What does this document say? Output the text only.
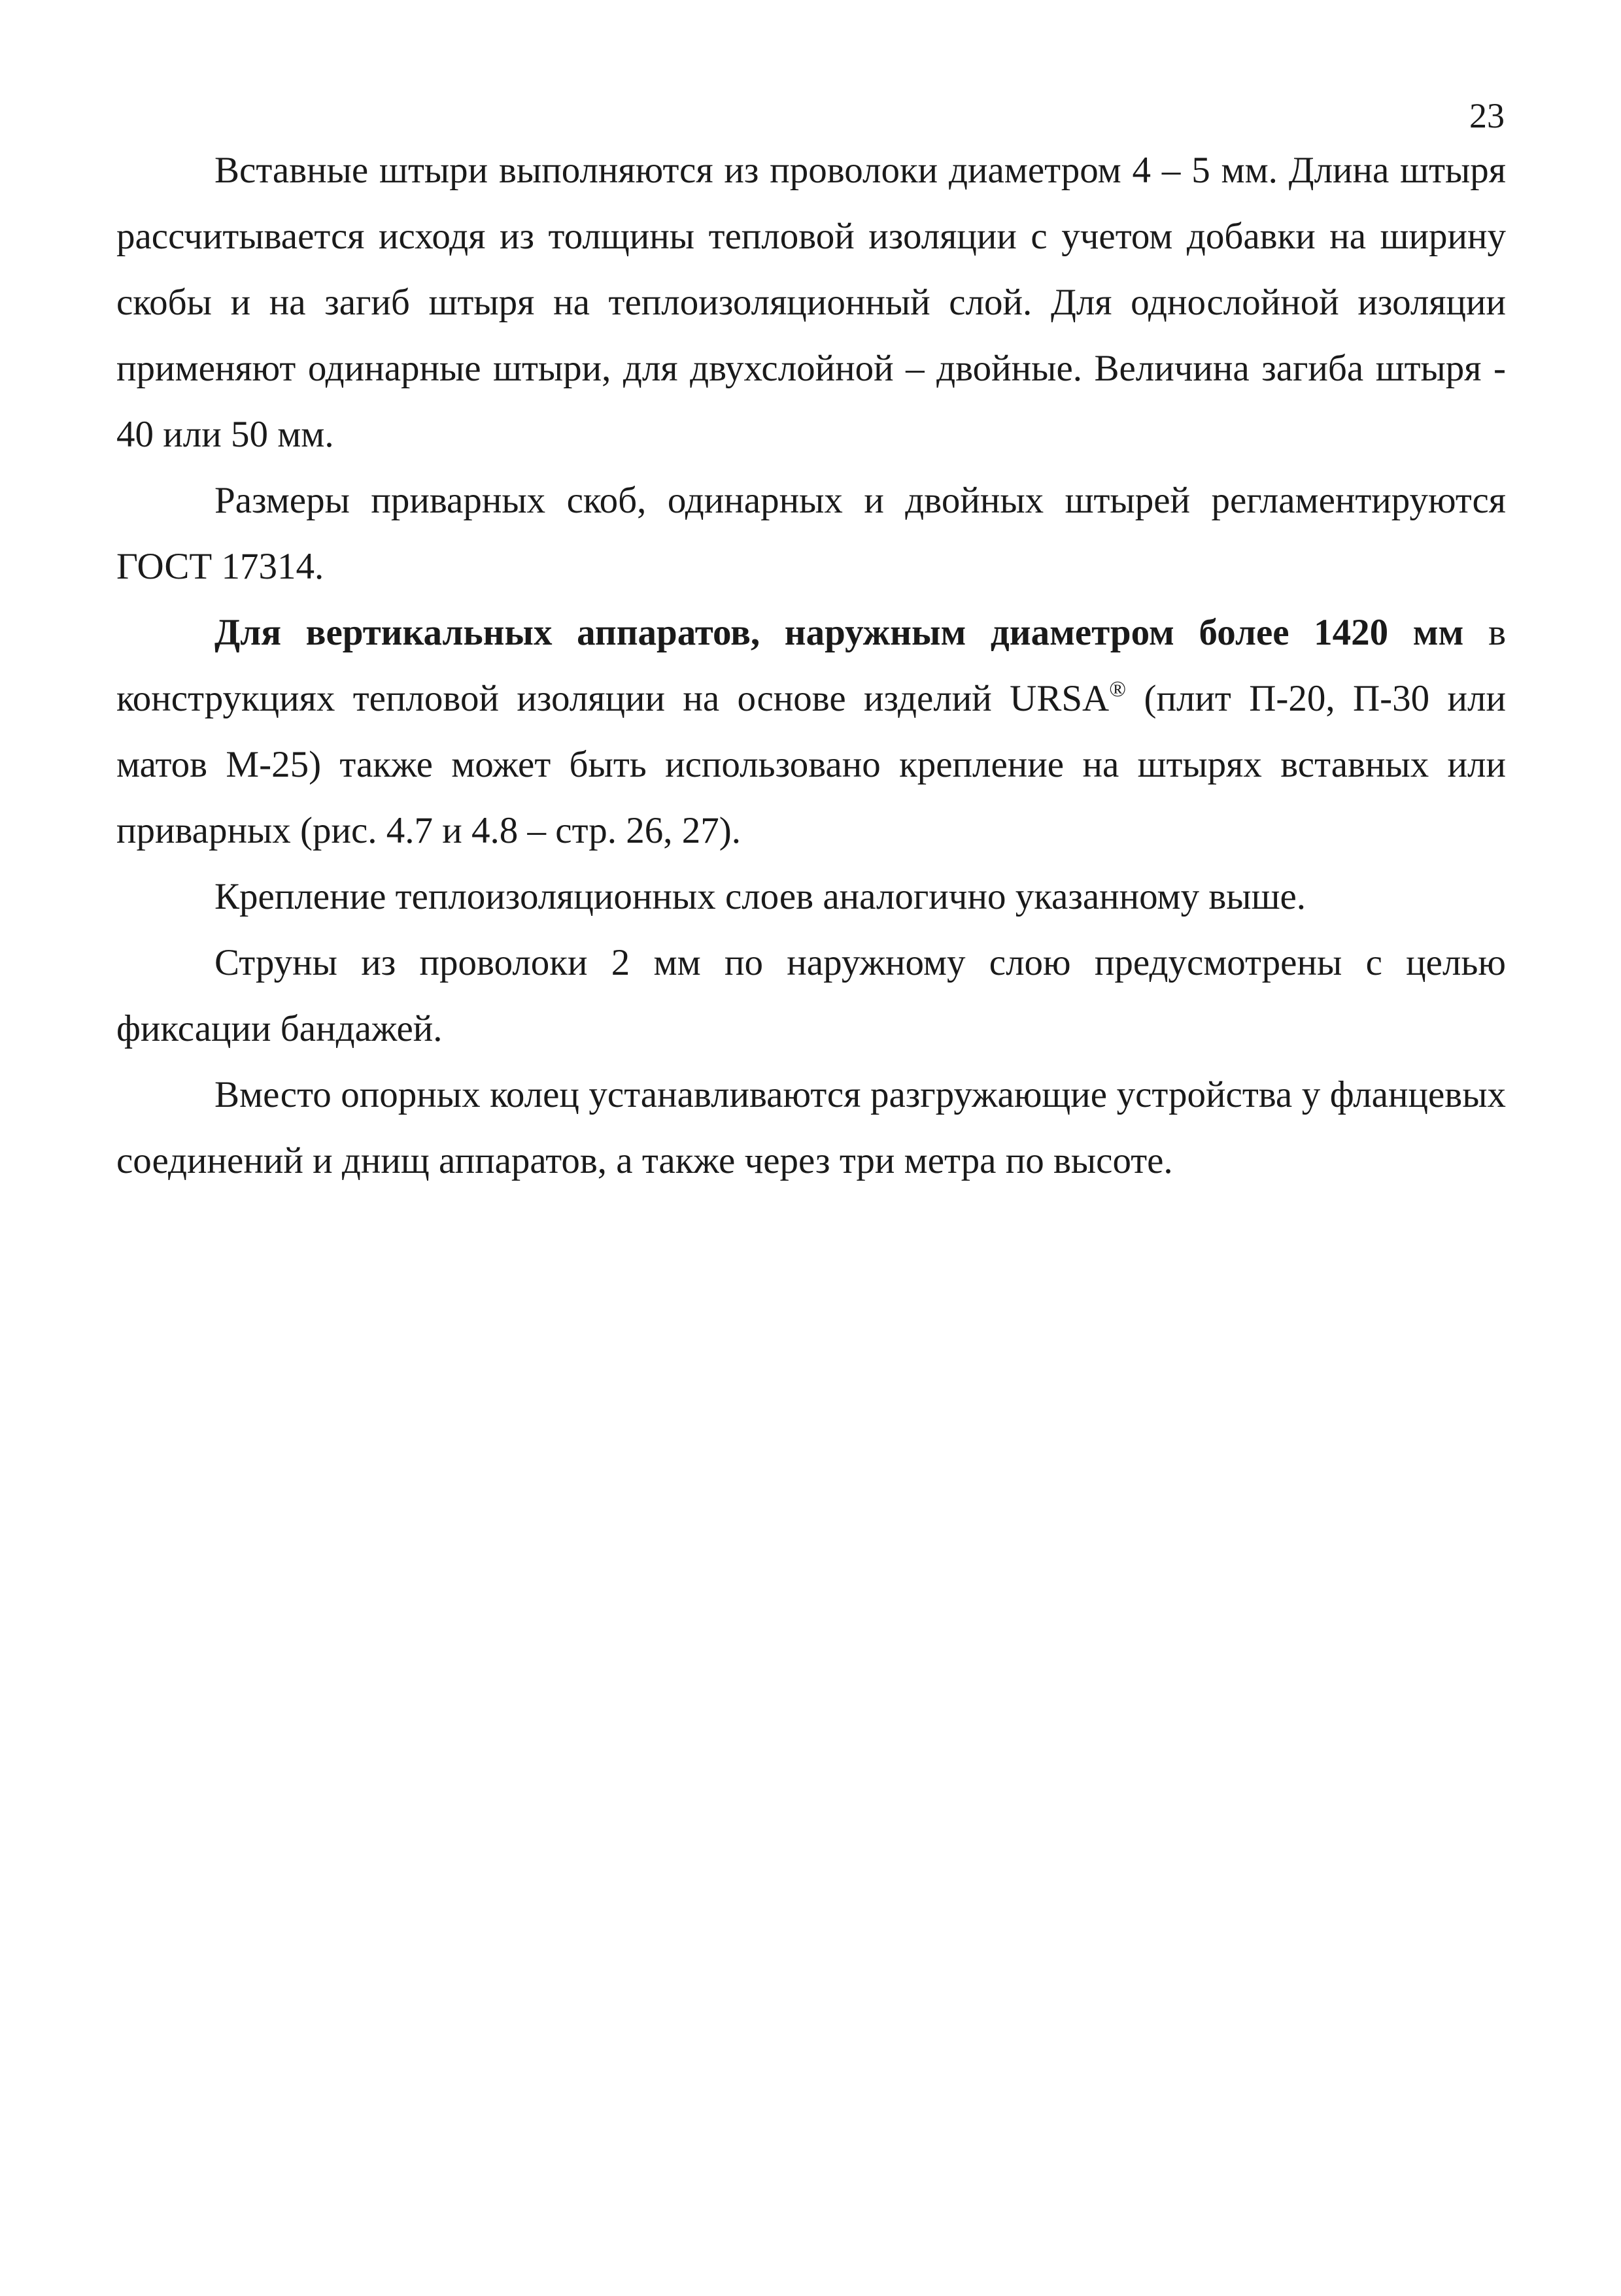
23

Вставные штыри выполняются из проволоки диаметром 4 – 5 мм. Длина штыря рассчитывается исходя из толщины тепловой изоляции с учетом добавки на ширину скобы и на загиб штыря на теплоизоляционный слой. Для однослойной изоляции применяют одинарные штыри, для двухслойной – двойные. Величина загиба штыря - 40 или 50 мм.

Размеры приварных скоб, одинарных и двойных штырей регламентируются ГОСТ 17314.

Для вертикальных аппаратов, наружным диаметром более 1420 мм в конструкциях тепловой изоляции на основе изделий URSA® (плит П-20, П-30 или матов М-25) также может быть использовано крепление на штырях вставных или приварных (рис. 4.7 и 4.8 – стр. 26, 27).

Крепление теплоизоляционных слоев аналогично указанному выше.

Струны из проволоки 2 мм по наружному слою предусмотрены с целью фиксации бандажей.

Вместо опорных колец устанавливаются разгружающие устройства у фланцевых соединений и днищ аппаратов, а также через три метра по высоте.
